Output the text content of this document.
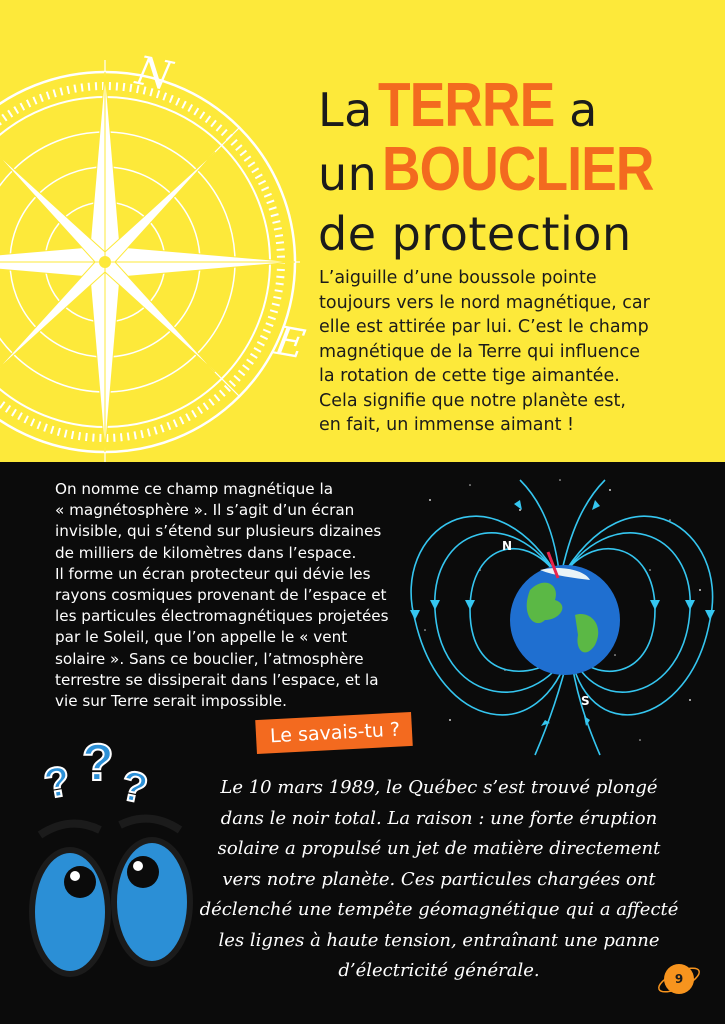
N
E
La TERRE a
un BOUCLIER
de protection
L’aiguille d’une boussole pointe
toujours vers le nord magnétique, car
elle est attirée par lui. C’est le champ
magnétique de la Terre qui influence
la rotation de cette tige aimantée.
Cela signifie que notre planète est,
en fait, un immense aimant !
On nomme ce champ magnétique la
« magnétosphère ». Il s’agit d’un écran
invisible, qui s’étend sur plusieurs dizaines
de milliers de kilomètres dans l’espace.
Il forme un écran protecteur qui dévie les
rayons cosmiques provenant de l’espace et
les particules électromagnétiques projetées
par le Soleil, que l’on appelle le « vent
solaire ». Sans ce bouclier, l’atmosphère
terrestre se dissiperait dans l’espace, et la
vie sur Terre serait impossible.
N
S
Le savais-tu ?
? ? ?	Le 10 mars 1989, le Québec s’est trouvé plongé
dans le noir total. La raison : une forte éruption
solaire a propulsé un jet de matière directement
vers notre planète. Ces particules chargées ont
déclenché une tempête géomagnétique qui a affecté
les lignes à haute tension, entraînant une panne
d’électricité générale.	9
